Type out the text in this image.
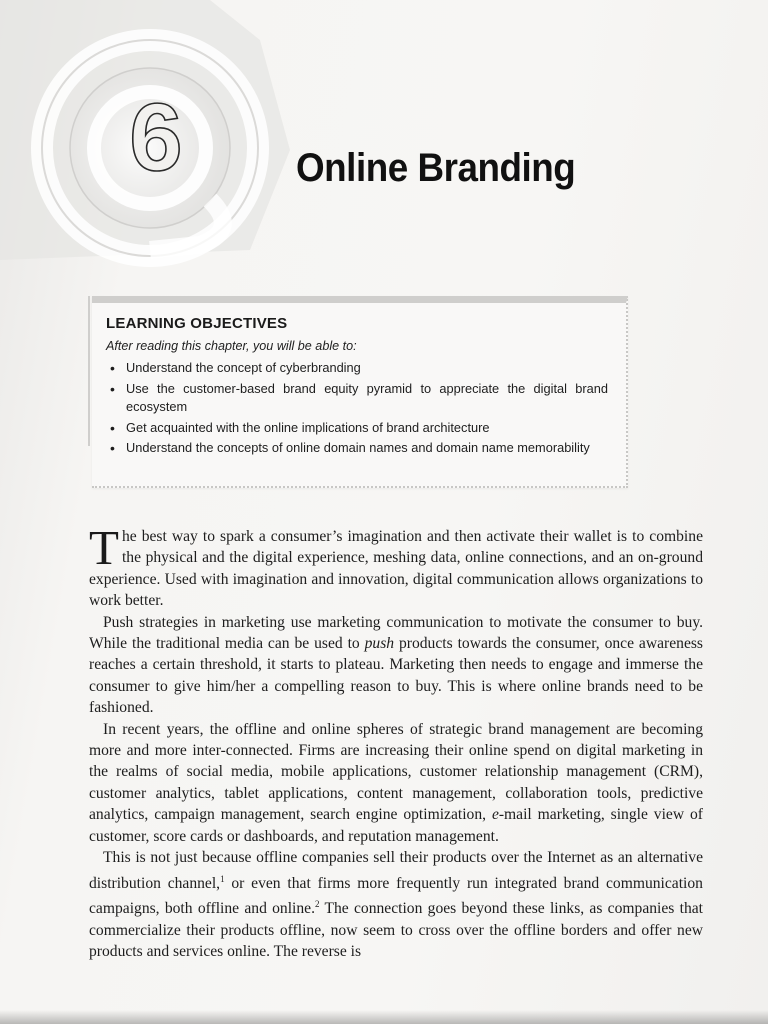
6	Online Branding
LEARNING OBJECTIVES
After reading this chapter, you will be able to:
• Understand the concept of cyberbranding
• Use the customer-based brand equity pyramid to appreciate the digital brand ecosystem
• Get acquainted with the online implications of brand architecture
• Understand the concepts of online domain names and domain name memorability

The best way to spark a consumer’s imagination and then activate their wallet is to combine the physical and the digital experience, meshing data, online connections, and an on-ground experience. Used with imagination and innovation, digital communication allows organizations to work better.

Push strategies in marketing use marketing communication to motivate the consumer to buy. While the traditional media can be used to push products towards the consumer, once awareness reaches a certain threshold, it starts to plateau. Marketing then needs to engage and immerse the consumer to give him/her a compelling reason to buy. This is where online brands need to be fashioned.

In recent years, the offline and online spheres of strategic brand management are becoming more and more inter-connected. Firms are increasing their online spend on digital marketing in the realms of social media, mobile applications, customer relationship management (CRM), customer analytics, tablet applications, content management, collaboration tools, predictive analytics, campaign management, search engine optimization, e-mail marketing, single view of customer, score cards or dashboards, and reputation management.

This is not just because offline companies sell their products over the Internet as an alternative distribution channel,$^1$ or even that firms more frequently run integrated brand communication campaigns, both offline and online.$^2$ The connection goes beyond these links, as companies that commercialize their products offline, now seem to cross over the offline borders and offer new products and services online. The reverse is
